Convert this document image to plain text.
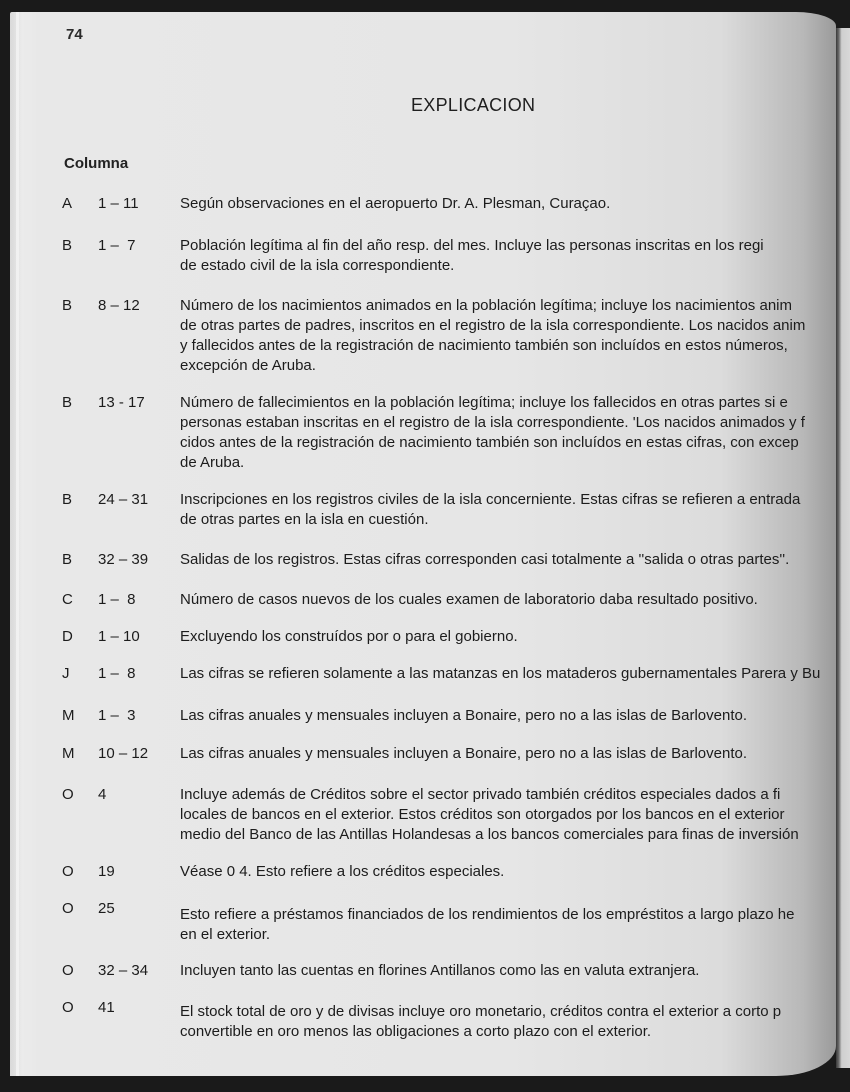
74
EXPLICACION
Columna
A 1 – 11	Según observaciones en el aeropuerto Dr. A. Plesman, Curaçao.
B 1 –  7	Población legítima al fin del año resp. del mes. Incluye las personas inscritas en los regi
de estado civil de la isla correspondiente.
B 8 – 12	Número de los nacimientos animados en la población legítima; incluye los nacimientos anim
de otras partes de padres, inscritos en el registro de la isla correspondiente. Los nacidos anim
y fallecidos antes de la registración de nacimiento también son incluídos en estos números,
excepción de Aruba.
B 13 - 17	Número de fallecimientos en la población legítima; incluye los fallecidos en otras partes si e
personas estaban inscritas en el registro de la isla correspondiente. 'Los nacidos animados y f
cidos antes de la registración de nacimiento también son incluídos en estas cifras, con excep
de Aruba.
B 24 – 31	Inscripciones en los registros civiles de la isla concerniente. Estas cifras se refieren a entrada
de otras partes en la isla en cuestión.
B 32 – 39	Salidas de los registros. Estas cifras corresponden casi totalmente a ''salida o otras partes''.
C 1 –  8	Número de casos nuevos de los cuales examen de laboratorio daba resultado positivo.
D 1 – 10	Excluyendo los construídos por o para el gobierno.
J 1 –  8	Las cifras se refieren solamente a las matanzas en los mataderos gubernamentales Parera y Bu
M 1 –  3	Las cifras anuales y mensuales incluyen a Bonaire, pero no a las islas de Barlovento.
M 10 – 12	Las cifras anuales y mensuales incluyen a Bonaire, pero no a las islas de Barlovento.
O 4	Incluye además de Créditos sobre el sector privado también créditos especiales dados a fi
locales de bancos en el exterior. Estos créditos son otorgados por los bancos en el exterior
medio del Banco de las Antillas Holandesas a los bancos comerciales para finas de inversión
O 19	Véase 0 4. Esto refiere a los créditos especiales.
O 25	Esto refiere a préstamos financiados de los rendimientos de los empréstitos a largo plazo he
en el exterior.
O 32 – 34	Incluyen tanto las cuentas en florines Antillanos como las en valuta extranjera.
O 41	El stock total de oro y de divisas incluye oro monetario, créditos contra el exterior a corto p
convertible en oro menos las obligaciones a corto plazo con el exterior.
